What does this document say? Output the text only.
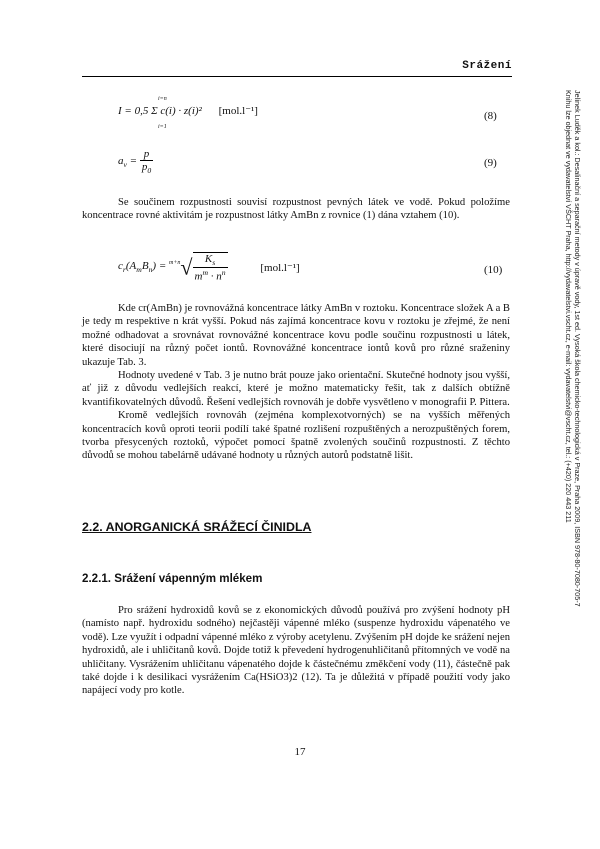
Srážení
Jelínek Luděk a kol.: Desalinační a separační metody v úpravě vody, 1st ed. Vysoká škola chemicko-technologická v Praze, Praha 2009, ISBN 978-80-7080-705-7
Knihu lze objednat ve vydavatelství VŠCHT Praha, http://vydavatelstvi.vscht.cz, e-mail: vydavatelstvi@vscht.cz, tel.: (+420) 220 443 211
i=n
i=1
I = 0,5 Σ c(i) · z(i)² [mol.l⁻¹]	(8)
$a_v = \frac{p}{p_0}$	(9)

Se součinem rozpustnosti souvisí rozpustnost pevných látek ve vodě. Pokud položíme koncentrace rovné aktivitám je rozpustnost látky AmBn z rovnice (1) dána vztahem (10).

$c_r(A_mB_n) = ^{m+n}√ \frac{K_s}{m^m \cdot n^n}$	[mol.l⁻¹]	(10)

Kde cr(AmBn) je rovnovážná koncentrace látky AmBn v roztoku. Koncentrace složek A a B je tedy m respektive n krát vyšší. Pokud nás zajímá koncentrace kovu v roztoku je zřejmé, že není možné odhadovat a srovnávat rovnovážné koncentrace kovu podle součinu rozpustnosti u látek, které disociují na různý počet iontů. Rovnovážné koncentrace iontů kovů pro různé sraženiny ukazuje Tab. 3.

Hodnoty uvedené v Tab. 3 je nutno brát pouze jako orientační. Skutečné hodnoty jsou vyšší, ať již z důvodu vedlejších reakcí, které je možno matematicky řešit, tak z dalších obtížně kvantifikovatelných důvodů. Řešení vedlejších rovnováh je dobře vysvětleno v monografii P. Pittera.

Kromě vedlejších rovnováh (zejména komplexotvorných) se na vyšších měřených koncentracích kovů oproti teorii podílí také špatné rozlišení rozpuštěných a nerozpuštěných forem, tvorba přesycených roztoků, výpočet pomocí špatně zvolených součinů rozpustnosti. Z těchto důvodů se mohou tabelárně udávané hodnoty u různých autorů podstatně lišit.

2.2. ANORGANICKÁ SRÁŽECÍ ČINIDLA
2.2.1. Srážení vápenným mlékem

Pro srážení hydroxidů kovů se z ekonomických důvodů používá pro zvýšení hodnoty pH (namísto např. hydroxidu sodného) nejčastěji vápenné mléko (suspenze hydroxidu vápenatého ve vodě). Lze využít i odpadní vápenné mléko z výroby acetylenu. Zvýšením pH dojde ke srážení nejen hydroxidů, ale i uhličitanů kovů. Dojde totiž k převedení hydrogenuhličitanů přítomných ve vodě na uhličitany. Vysrážením uhličitanu vápenatého dojde k částečnému změkčení vody (11), částečně pak také dojde i k desilikaci vysrážením Ca(HSiO3)2 (12). Ta je důležitá v případě použití vody jako napájecí vody pro kotle.

17
